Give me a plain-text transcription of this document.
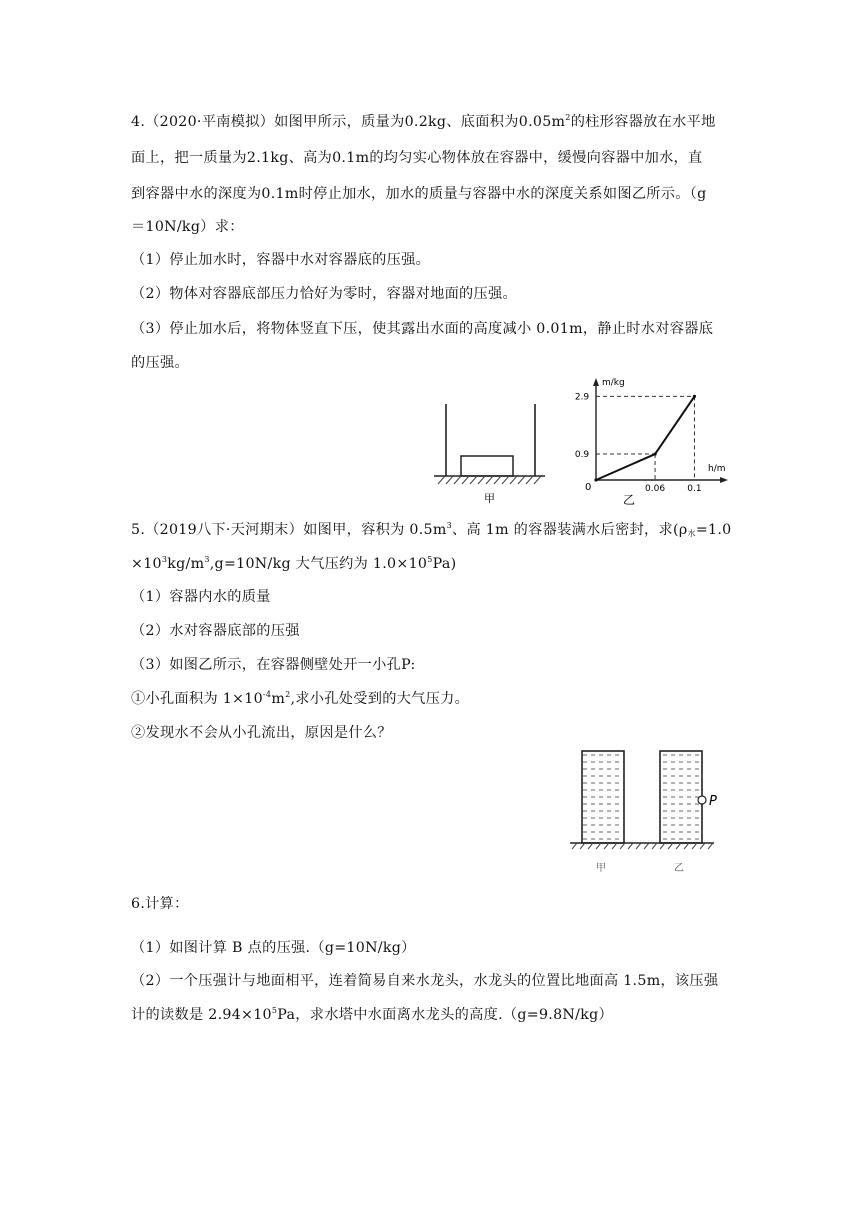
4.（2020·平南模拟）如图甲所示，质量为0.2kg、底面积为$0.05m^2$的柱形容器放在水平地
面上，把一质量为2.1kg、高为0.1m的均匀实心物体放在容器中，缓慢向容器中加水，直
到容器中水的深度为0.1m时停止加水，加水的质量与容器中水的深度关系如图乙所示。（g
＝10N/kg）求：
（1）停止加水时，容器中水对容器底的压强。
（2）物体对容器底部压力恰好为零时，容器对地面的压强。
（3）停止加水后，将物体竖直下压，使其露出水面的高度减小 0.01m，静止时水对容器底
的压强。
甲
m/kg
h/m
0
0.9
2.9
0.06 0.1
乙
5.（2019八下·天河期末）如图甲，容积为 $0.5m^3$、高 1m 的容器装满水后密封，求($\rho_水=1.0$
$\times 10^3kg/m^3,g=10N/kg$ 大气压约为 $1.0\times 10^5Pa$)
（1）容器内水的质量
（2）水对容器底部的压强
（3）如图乙所示，在容器侧壁处开一小孔P:
①小孔面积为 $1\times 10^{-4}m^2$,求小孔处受到的大气压力。
②发现水不会从小孔流出，原因是什么？
P
甲	乙
6.计算：
（1）如图计算 B 点的压强.（g=10N/kg）
（2）一个压强计与地面相平，连着简易自来水龙头，水龙头的位置比地面高 1.5m，该压强
计的读数是 $2.94\times 10^5Pa$，求水塔中水面离水龙头的高度.（g=9.8N/kg）
